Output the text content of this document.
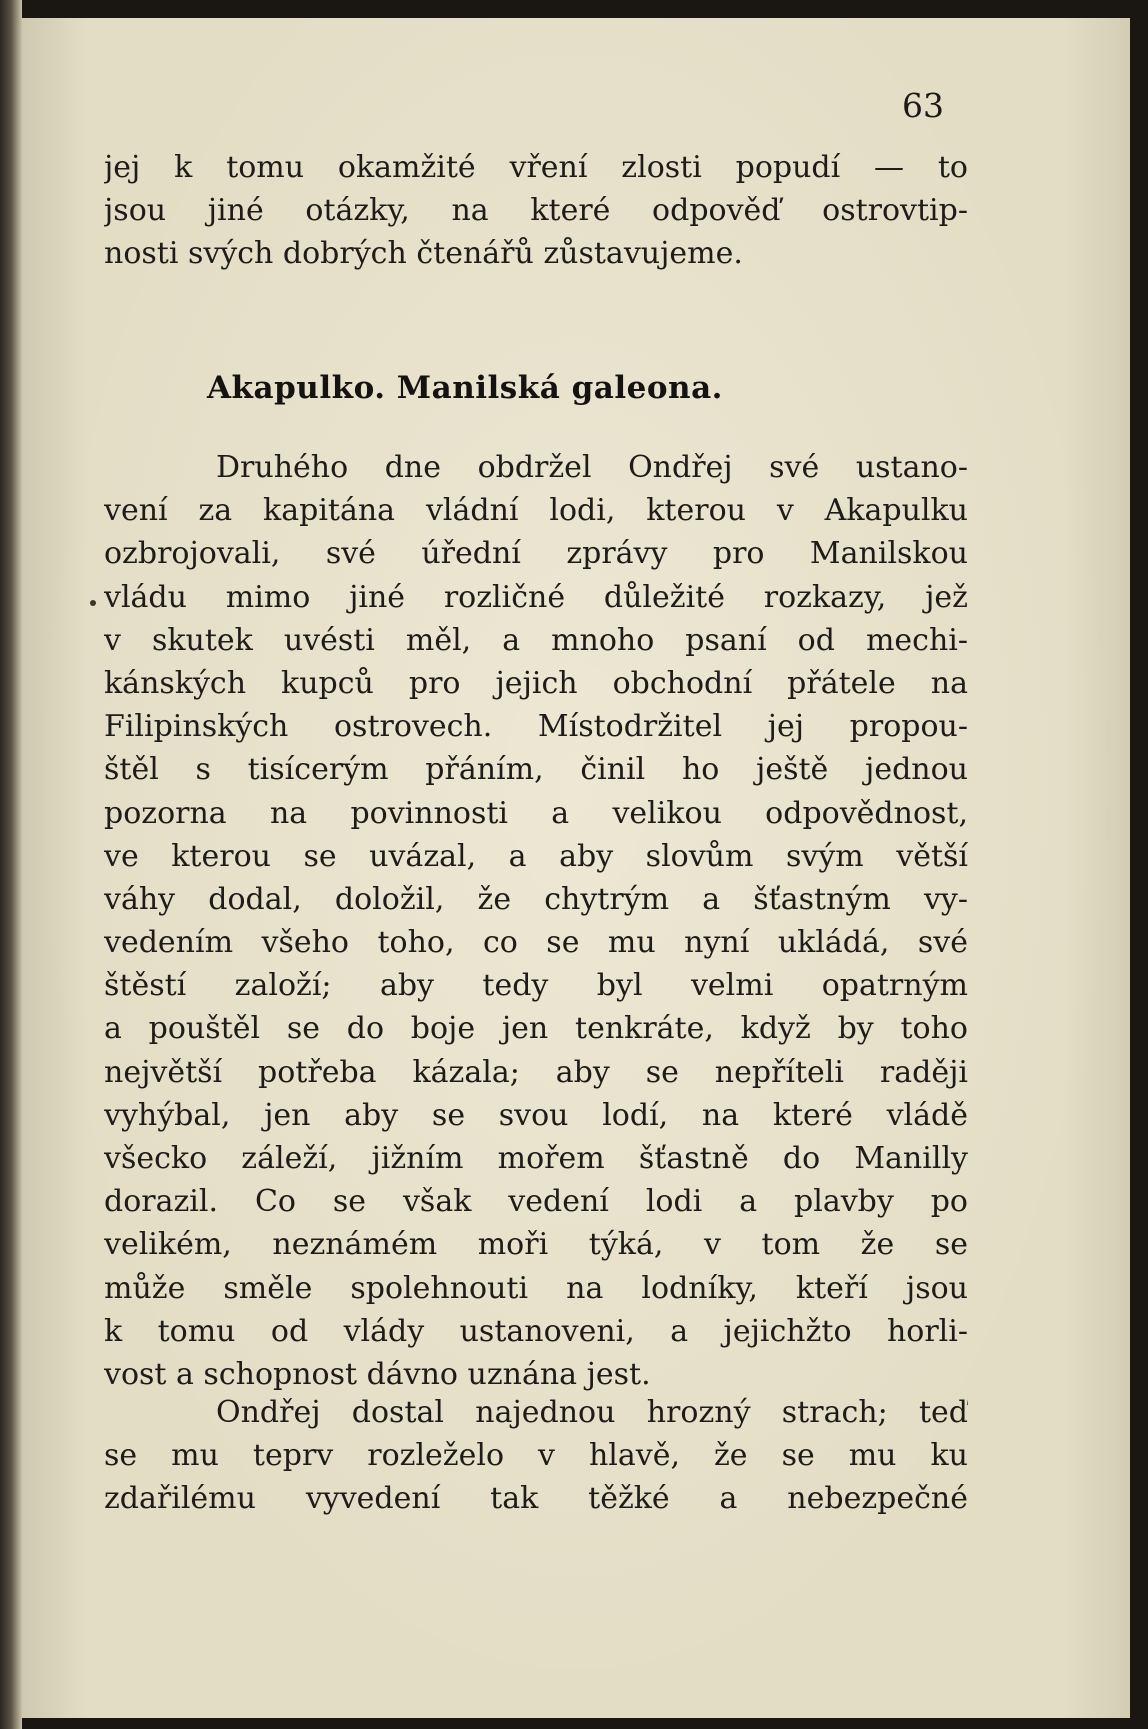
63
jej k tomu okamžité vření zlosti popudí — to
jsou jiné otázky, na které odpověď ostrovtip-
nosti svých dobrých čtenářů zůstavujeme.
Akapulko. Manilská galeona.
Druhého dne obdržel Ondřej své ustano-
vení za kapitána vládní lodi, kterou v Akapulku
ozbrojovali, své úřední zprávy pro Manilskou
vládu mimo jiné rozličné důležité rozkazy, jež
v skutek uvésti měl, a mnoho psaní od mechi-
kánských kupců pro jejich obchodní přátele na
Filipinských ostrovech. Místodržitel jej propou-
štěl s tisícerým přáním, činil ho ještě jednou
pozorna na povinnosti a velikou odpovědnost,
ve kterou se uvázal, a aby slovům svým větší
váhy dodal, doložil, že chytrým a šťastným vy-
vedením všeho toho, co se mu nyní ukládá, své
štěstí založí; aby tedy byl velmi opatrným
a pouštěl se do boje jen tenkráte, když by toho
největší potřeba kázala; aby se nepříteli raději
vyhýbal, jen aby se svou lodí, na které vládě
všecko záleží, jižním mořem šťastně do Manilly
dorazil. Co se však vedení lodi a plavby po
velikém, neznámém moři týká, v tom že se
může směle spolehnouti na lodníky, kteří jsou
k tomu od vlády ustanoveni, a jejichžto horli-
vost a schopnost dávno uznána jest.
Ondřej dostal najednou hrozný strach; teď
se mu teprv rozleželo v hlavě, že se mu ku
zdařilému vyvedení tak těžké a nebezpečné
